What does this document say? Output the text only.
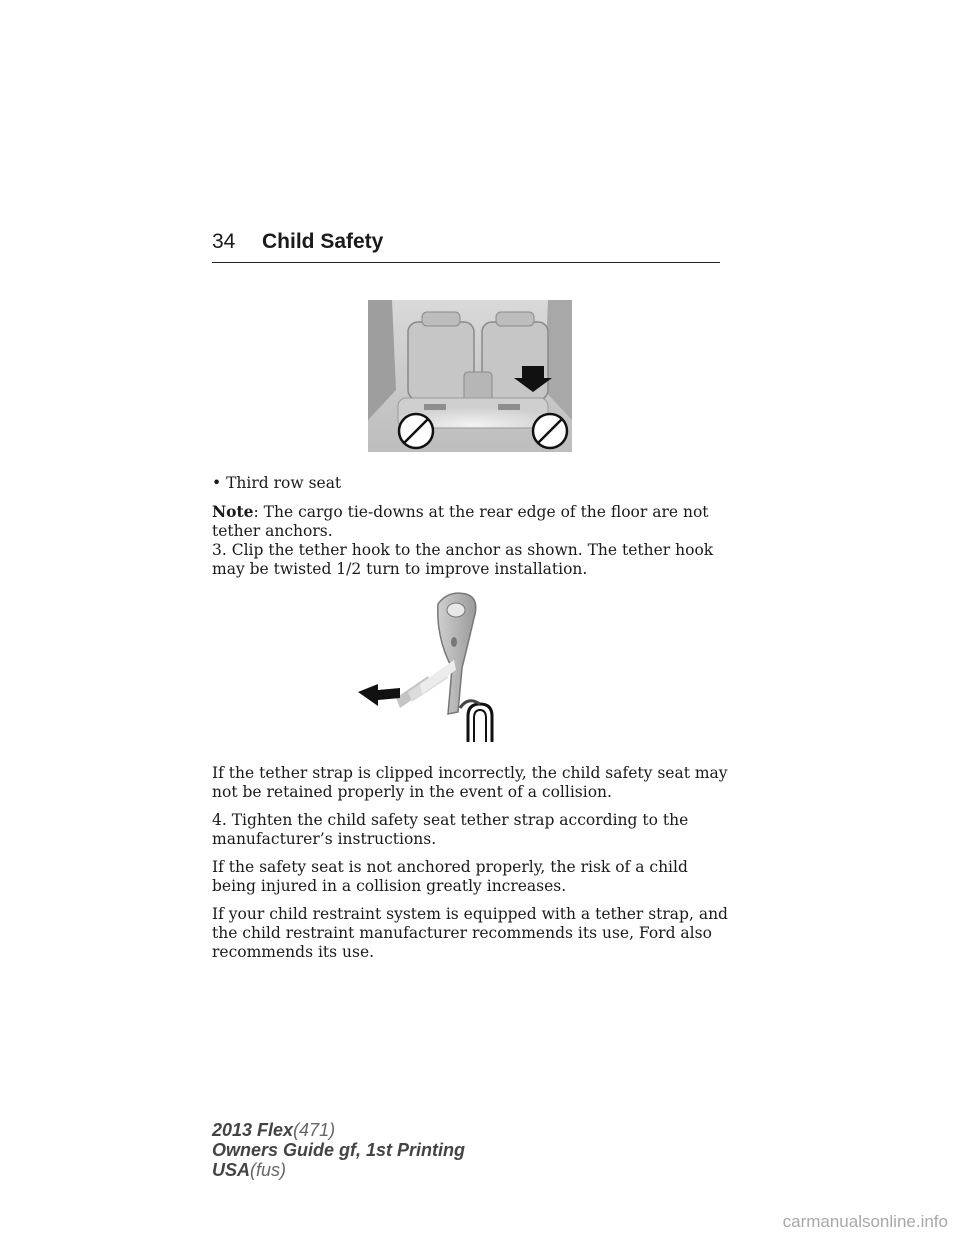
34 Child Safety

• Third row seat

Note: The cargo tie-downs at the rear edge of the floor are not tether anchors.

3. Clip the tether hook to the anchor as shown. The tether hook may be twisted 1/2 turn to improve installation.

If the tether strap is clipped incorrectly, the child safety seat may not be retained properly in the event of a collision.

4. Tighten the child safety seat tether strap according to the manufacturer’s instructions.

If the safety seat is not anchored properly, the risk of a child being injured in a collision greatly increases.

If your child restraint system is equipped with a tether strap, and the child restraint manufacturer recommends its use, Ford also recommends its use.

2013 Flex(471)
Owners Guide gf, 1st Printing
USA(fus)
carmanualsonline.info
